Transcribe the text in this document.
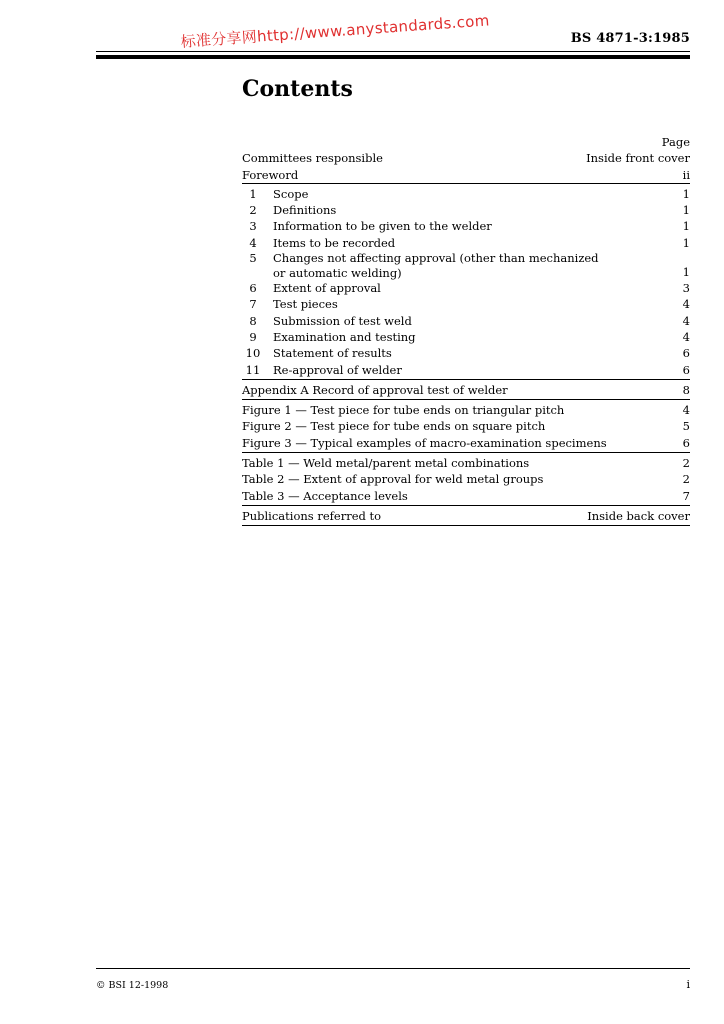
标准分享网http://www.anystandards.com	BS 4871-3:1985
Contents
Page
Committees responsible	Inside front cover
Foreword	ii
1 Scope	1
2 Definitions	1
3 Information to be given to the welder	1
4 Items to be recorded	1
5	Changes not affecting approval (other than mechanized
or automatic welding)	1
6 Extent of approval	3
7 Test pieces	4
8 Submission of test weld	4
9 Examination and testing	4
10 Statement of results	6
11 Re-approval of welder	6
Appendix A Record of approval test of welder	8
Figure 1 — Test piece for tube ends on triangular pitch	4
Figure 2 — Test piece for tube ends on square pitch	5
Figure 3 — Typical examples of macro-examination specimens	6
Table 1 — Weld metal/parent metal combinations	2
Table 2 — Extent of approval for weld metal groups	2
Table 3 — Acceptance levels	7
Publications referred to	Inside back cover
© BSI 12-1998	i
